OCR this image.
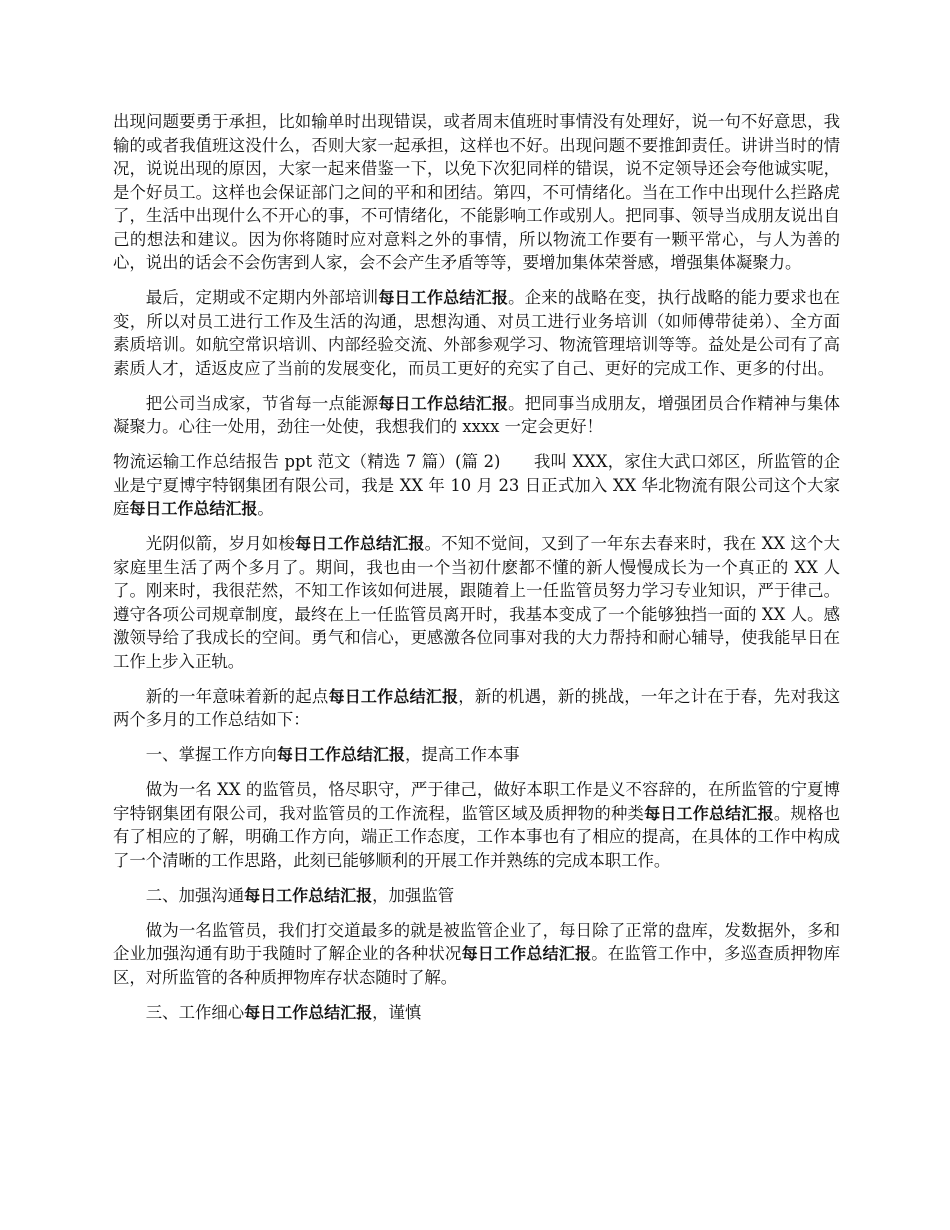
出现问题要勇于承担，比如输单时出现错误，或者周末值班时事情没有处理好，说一句不好意思，我输的或者我值班这没什么，否则大家一起承担，这样也不好。出现问题不要推卸责任。讲讲当时的情况，说说出现的原因，大家一起来借鉴一下，以免下次犯同样的错误，说不定领导还会夸他诚实呢，是个好员工。这样也会保证部门之间的平和和团结。第四，不可情绪化。当在工作中出现什么拦路虎了，生活中出现什么不开心的事，不可情绪化，不能影响工作或别人。把同事、领导当成朋友说出自己的想法和建议。因为你将随时应对意料之外的事情，所以物流工作要有一颗平常心，与人为善的心，说出的话会不会伤害到人家，会不会产生矛盾等等，要增加集体荣誉感，增强集体凝聚力。

最后，定期或不定期内外部培训每日工作总结汇报。企来的战略在变，执行战略的能力要求也在变，所以对员工进行工作及生活的沟通，思想沟通、对员工进行业务培训（如师傅带徒弟）、全方面素质培训。如航空常识培训、内部经验交流、外部参观学习、物流管理培训等等。益处是公司有了高素质人才，适返皮应了当前的发展变化，而员工更好的充实了自己、更好的完成工作、更多的付出。

把公司当成家，节省每一点能源每日工作总结汇报。把同事当成朋友，增强团员合作精神与集体凝聚力。心往一处用，劲往一处使，我想我们的 xxxx 一定会更好！

物流运输工作总结报告 ppt 范文（精选 7 篇）(篇 2)　　我叫 XXX，家住大武口郊区，所监管的企业是宁夏博宇特钢集团有限公司，我是 XX 年 10 月 23 日正式加入 XX 华北物流有限公司这个大家庭每日工作总结汇报。

光阴似箭，岁月如梭每日工作总结汇报。不知不觉间，又到了一年东去春来时，我在 XX 这个大家庭里生活了两个多月了。期间，我也由一个当初什麽都不懂的新人慢慢成长为一个真正的 XX 人了。刚来时，我很茫然，不知工作该如何进展，跟随着上一任监管员努力学习专业知识，严于律己。遵守各项公司规章制度，最终在上一任监管员离开时，我基本变成了一个能够独挡一面的 XX 人。感激领导给了我成长的空间。勇气和信心，更感激各位同事对我的大力帮持和耐心辅导，使我能早日在工作上步入正轨。

新的一年意味着新的起点每日工作总结汇报，新的机遇，新的挑战，一年之计在于春，先对我这两个多月的工作总结如下：

一、掌握工作方向每日工作总结汇报，提高工作本事

做为一名 XX 的监管员，恪尽职守，严于律己，做好本职工作是义不容辞的，在所监管的宁夏博宇特钢集团有限公司，我对监管员的工作流程，监管区域及质押物的种类每日工作总结汇报。规格也有了相应的了解，明确工作方向，端正工作态度，工作本事也有了相应的提高，在具体的工作中构成了一个清晰的工作思路，此刻已能够顺利的开展工作并熟练的完成本职工作。

二、加强沟通每日工作总结汇报，加强监管

做为一名监管员，我们打交道最多的就是被监管企业了，每日除了正常的盘库，发数据外，多和企业加强沟通有助于我随时了解企业的各种状况每日工作总结汇报。在监管工作中，多巡查质押物库区，对所监管的各种质押物库存状态随时了解。

三、工作细心每日工作总结汇报，谨慎
